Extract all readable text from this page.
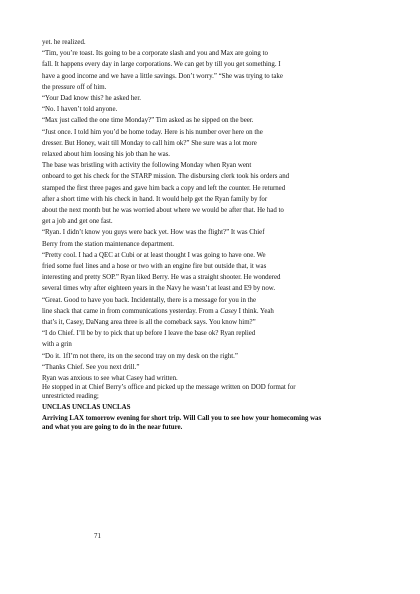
yet. he realized.

“Tim, you’re toast. Its going to be a corporate slash and you and Max are going to

fall. It happens every day in large corporations. We can get by till you get something. I

have a good income and we have a little savings. Don’t worry.” “She was trying to take

the pressure off of him.

“Your Dad know this? he asked her.

“No. I haven’t told anyone.

“Max just called the one time Monday?” Tim asked as he sipped on the beer.

“Just once. I told him you’d be home today. Here is his number over here on the

dresser. But Honey, wait till Monday to call him ok?” She sure was a lot more

relaxed about him loosing his job than he was.

The base was bristling with activity the following Monday when Ryan went

onboard to get his check for the STARP mission. The disbursing clerk took his orders and

stamped the first three pages and gave him back a copy and left the counter. He returned

after a short time with his check in hand. It would help get the Ryan family by for

about the next month but he was worried about where we would be after that. He had to

get a job and get one fast.

“Ryan. I didn’t know you guys were back yet. How was the flight?” It was Chief

Berry from the station maintenance department.

“Pretty cool. I had a QEC at Cubi or at least thought I was going to have one. We

fried some fuel lines and a hose or two with an engine fire but outside that, it was

interesting and pretty SOP.” Ryan liked Berry. He was a straight shooter. He wondered

several times why after eighteen years in the Navy he wasn’t at least and E9 by now.

“Great. Good to have you back. Incidentally, there is a message for you in the

line shack that came in from communications yesterday. From a Casey I think. Yeah

that’s it, Casey, DaNang area three is all the comeback says. You know him?”

“I do Chief. I’ll be by to pick that up before I leave the base ok? Ryan replied

with a grin

“Do it. 1fI’m not there, its on the second tray on my desk on the right.”

“Thanks Chief. See you next drill.”

Ryan was anxious to see what Casey had written.

He stopped in at Chief Berry’s office and picked up the message written on DOD format for

unrestricted reading;

UNCLAS UNCLAS UNCLAS

Arriving LAX tomorrow evening for short trip. Will Call you to see how your homecoming was

and what you are going to do in the near future.

71
